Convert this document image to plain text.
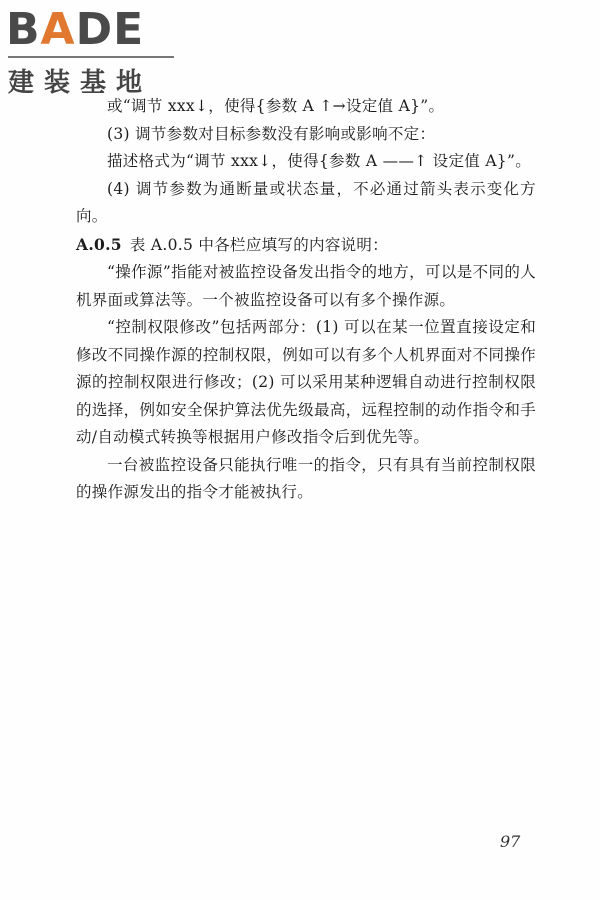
BADE
建装基地

或“调节 xxx↓，使得{参数 A ↑→设定值 A}”。

(3) 调节参数对目标参数没有影响或影响不定：

描述格式为“调节 xxx↓，使得{参数 A ——↑ 设定值 A}”。

(4) 调节参数为通断量或状态量，不必通过箭头表示变化方向。

A.0.5 表 A.0.5 中各栏应填写的内容说明：

“操作源”指能对被监控设备发出指令的地方，可以是不同的人机界面或算法等。一个被监控设备可以有多个操作源。

“控制权限修改”包括两部分：(1) 可以在某一位置直接设定和修改不同操作源的控制权限，例如可以有多个人机界面对不同操作源的控制权限进行修改；(2) 可以采用某种逻辑自动进行控制权限的选择，例如安全保护算法优先级最高，远程控制的动作指令和手动/自动模式转换等根据用户修改指令后到优先等。

一台被监控设备只能执行唯一的指令，只有具有当前控制权限的操作源发出的指令才能被执行。

97
